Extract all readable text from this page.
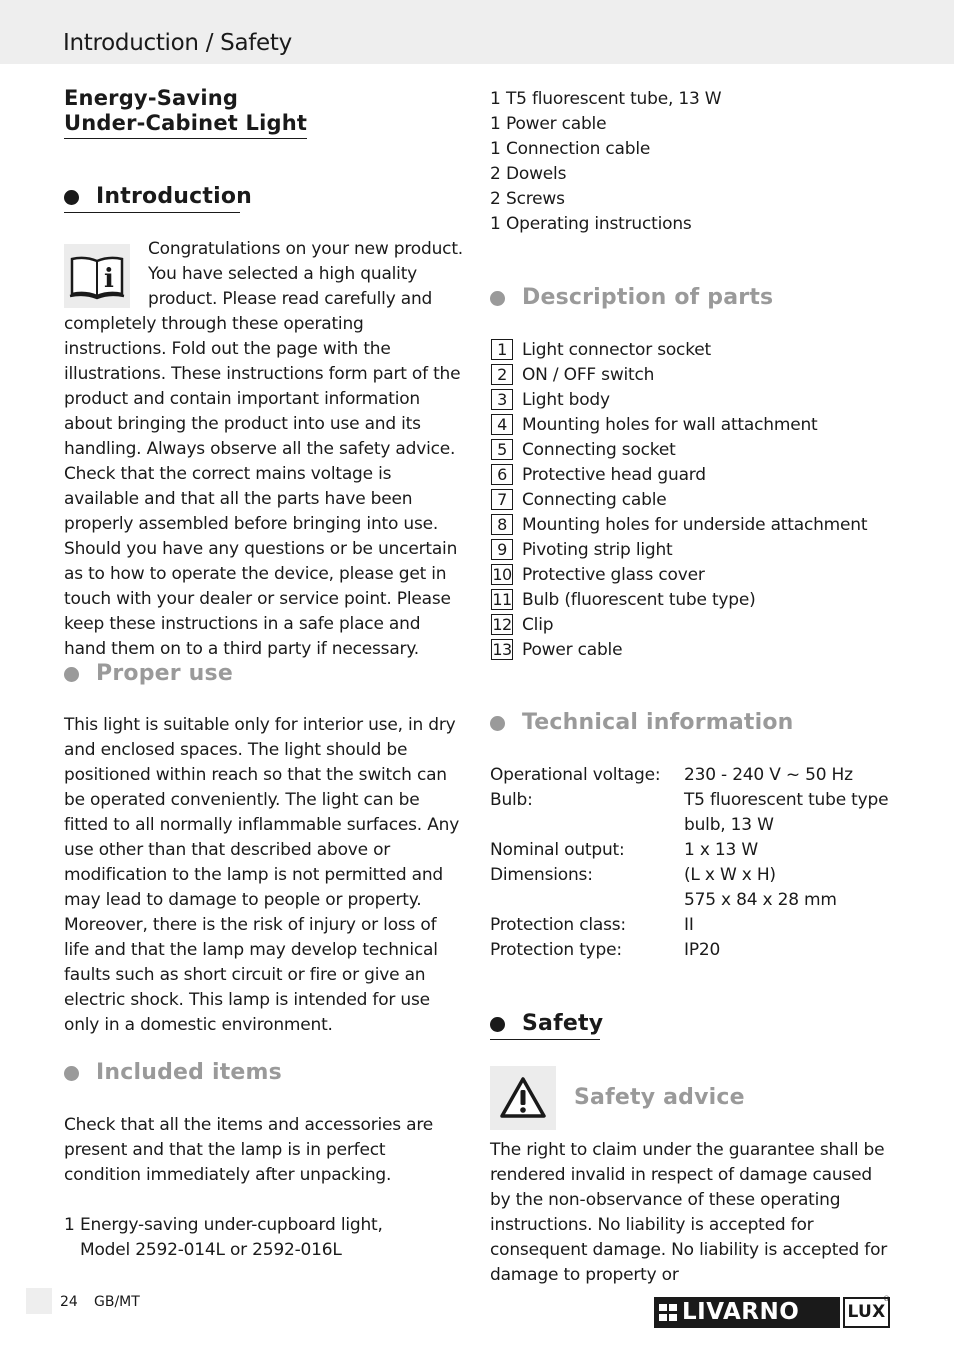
Introduction / Safety
Energy-Saving
Under-Cabinet Light
Introduction
i
Congratulations on your new product. You have selected a high quality product. Please read carefully and completely through these operating instructions. Fold out the page with the illustrations. These instructions form part of the product and contain important information about bringing the product into use and its handling. Always observe all the safety advice. Check that the correct mains voltage is available and that all the parts have been properly assembled before bringing into use. Should you have any questions or be uncertain as to how to operate the device, please get in touch with your dealer or service point. Please keep these instructions in a safe place and hand them on to a third party if necessary.
Proper use
This light is suitable only for interior use, in dry and enclosed spaces. The light should be positioned within reach so that the switch can be operated conveniently. The light can be fitted to all normally inflammable surfaces. Any use other than that described above or modification to the lamp is not permitted and may lead to damage to people or property. Moreover, there is the risk of injury or loss of life and that the lamp may develop technical faults such as short circuit or fire or give an electric shock. This lamp is intended for use only in a domestic environment.
Included items
Check that all the items and accessories are present and that the lamp is in perfect condition immediately after unpacking.
1 Energy-saving under-cupboard light,
Model 2592-014L or 2592-016L
1 T5 fluorescent tube, 13 W
1 Power cable
1 Connection cable
2 Dowels
2 Screws
1 Operating instructions
Description of parts
1 Light connector socket
2 ON / OFF switch
3 Light body
4 Mounting holes for wall attachment
5 Connecting socket
6 Protective head guard
7 Connecting cable
8 Mounting holes for underside attachment
9 Pivoting strip light
10 Protective glass cover
11 Bulb (fluorescent tube type)
12 Clip
13 Power cable
Technical information
Operational voltage: 230 - 240 V ~ 50 Hz
Bulb:	T5 fluorescent tube type
bulb, 13 W
Nominal output:	1 x 13 W
Dimensions:	(L x W x H)
575 x 84 x 28 mm
Protection class:	II
Protection type:	IP20
Safety
Safety advice
The right to claim under the guarantee shall be rendered invalid in respect of damage caused by the non-observance of these operating instructions. No liability is accepted for consequent damage. No liability is accepted for damage to property or
24 GB/MT	LIVARNO	LUX
®
